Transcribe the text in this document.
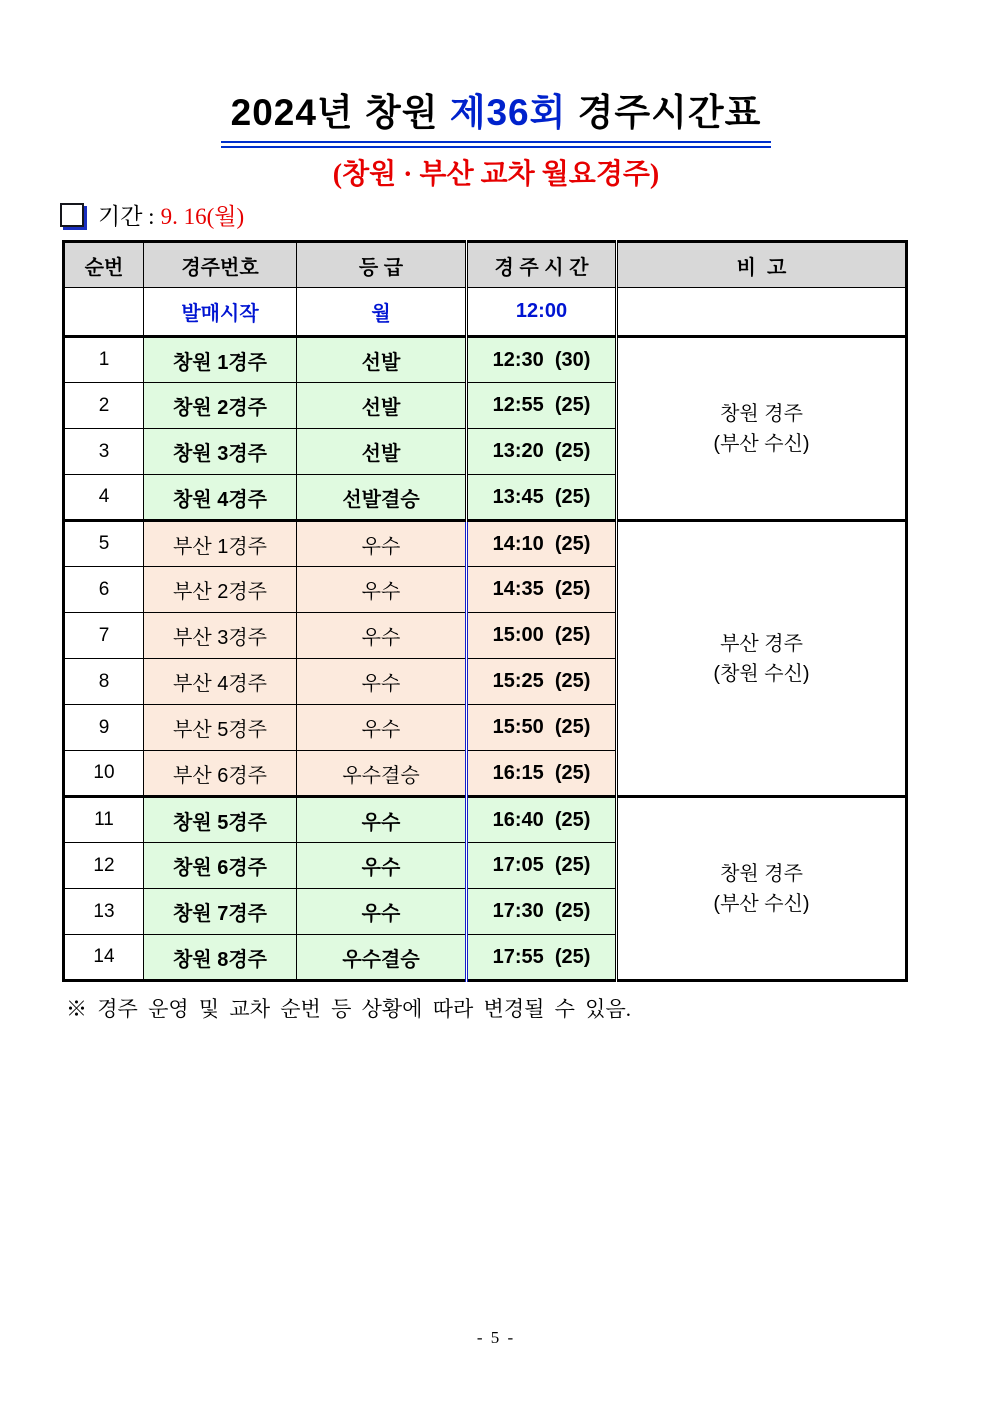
2024년 창원 제36회 경주시간표
(창원 · 부산 교차 월요경주)
기간 : 9. 16(월)
순번	경주번호	등 급	경 주 시 간	비  고
	발매시작	월	12:00	
1	창원 1경주	선발	12:30  (30)	창원 경주
(부산 수신)

2	창원 2경주	선발	12:55  (25)	
3	창원 3경주	선발	13:20  (25)	
4	창원 4경주	선발결승	13:45  (25)	
5	부산 1경주	우수	14:10  (25)	부산 경주
(창원 수신)

6	부산 2경주	우수	14:35  (25)	
7	부산 3경주	우수	15:00  (25)	
8	부산 4경주	우수	15:25  (25)	
9	부산 5경주	우수	15:50  (25)	
10	부산 6경주	우수결승	16:15  (25)	
11	창원 5경주	우수	16:40  (25)	창원 경주
(부산 수신)

12	창원 6경주	우수	17:05  (25)	
13	창원 7경주	우수	17:30  (25)	
14	창원 8경주	우수결승	17:55  (25)	
※ 경주 운영 및 교차 순번 등 상황에 따라 변경될 수 있음.
- 5 -
